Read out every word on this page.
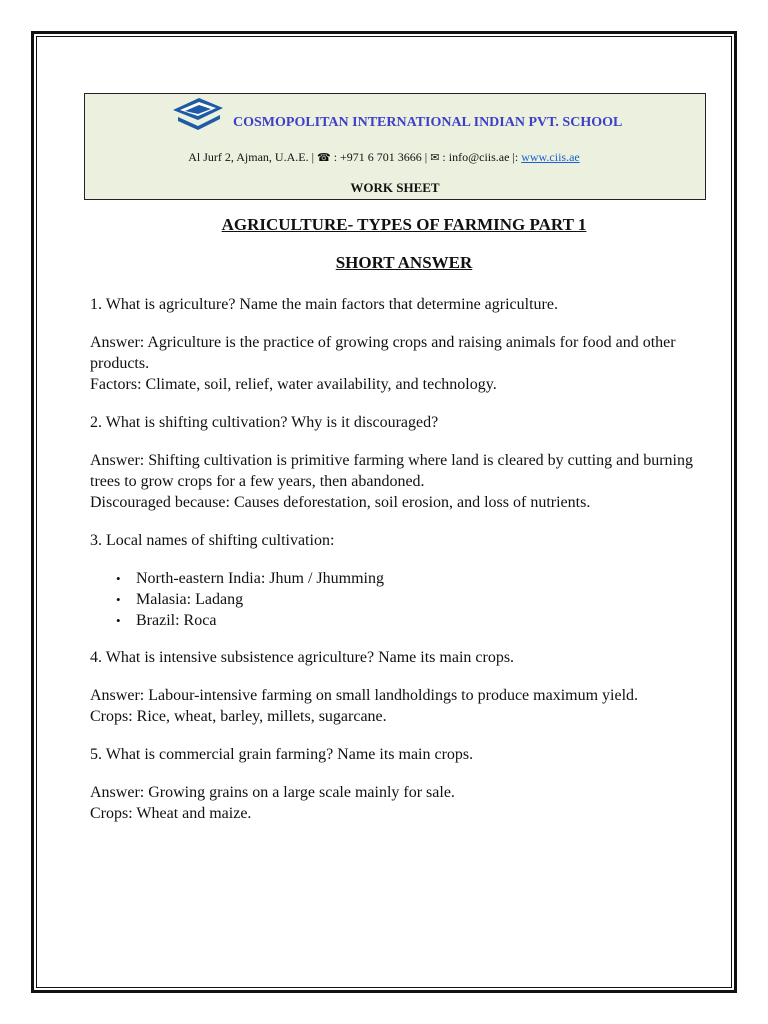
COSMOPOLITAN INTERNATIONAL INDIAN PVT. SCHOOL
Al Jurf 2, Ajman, U.A.E. | ☎ : +971 6 701 3666 | ✉ : info@ciis.ae |: www.ciis.ae
WORK SHEET
AGRICULTURE- TYPES OF FARMING PART 1
SHORT ANSWER

1. What is agriculture? Name the main factors that determine agriculture.

Answer: Agriculture is the practice of growing crops and raising animals for food and other products.

Factors: Climate, soil, relief, water availability, and technology.

2. What is shifting cultivation? Why is it discouraged?

Answer: Shifting cultivation is primitive farming where land is cleared by cutting and burning trees to grow crops for a few years, then abandoned.

Discouraged because: Causes deforestation, soil erosion, and loss of nutrients.

3. Local names of shifting cultivation:

• North-eastern India: Jhum / Jhumming
• Malasia: Ladang
• Brazil: Roca

4. What is intensive subsistence agriculture? Name its main crops.

Answer: Labour-intensive farming on small landholdings to produce maximum yield.

Crops: Rice, wheat, barley, millets, sugarcane.

5. What is commercial grain farming? Name its main crops.

Answer: Growing grains on a large scale mainly for sale.

Crops: Wheat and maize.
